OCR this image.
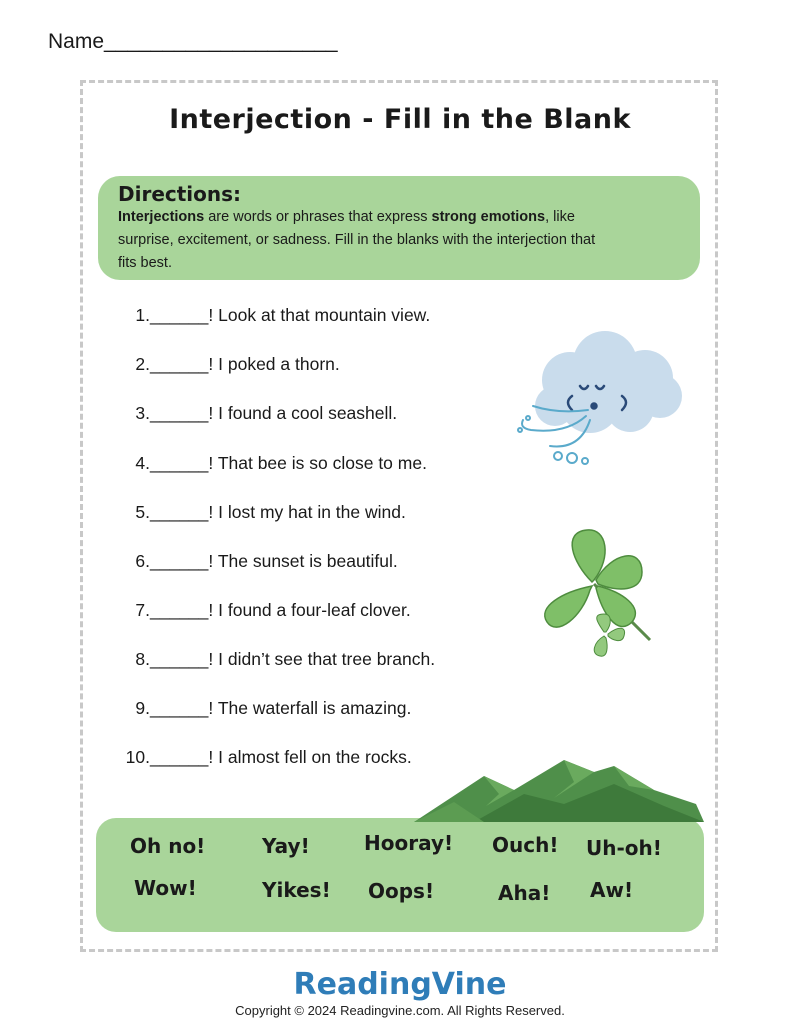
Name____________________
Interjection - Fill in the Blank
Directions:
Interjections are words or phrases that express strong emotions, like
surprise, excitement, or sadness. Fill in the blanks with the interjection that
fits best.
1.______! Look at that mountain view.
2.______! I poked a thorn.
3.______! I found a cool seashell.
4.______! That bee is so close to me.
5.______! I lost my hat in the wind.
6.______! The sunset is beautiful.
7.______! I found a four-leaf clover.
8.______! I didn’t see that tree branch.
9.______! The waterfall is amazing.
10.______! I almost fell on the rocks.
Oh no!	Yay!	Hooray! Ouch! Uh-oh!
Wow!	Yikes! Oops!	Aha! Aw!
ReadingVine
Copyright © 2024 Readingvine.com. All Rights Reserved.
